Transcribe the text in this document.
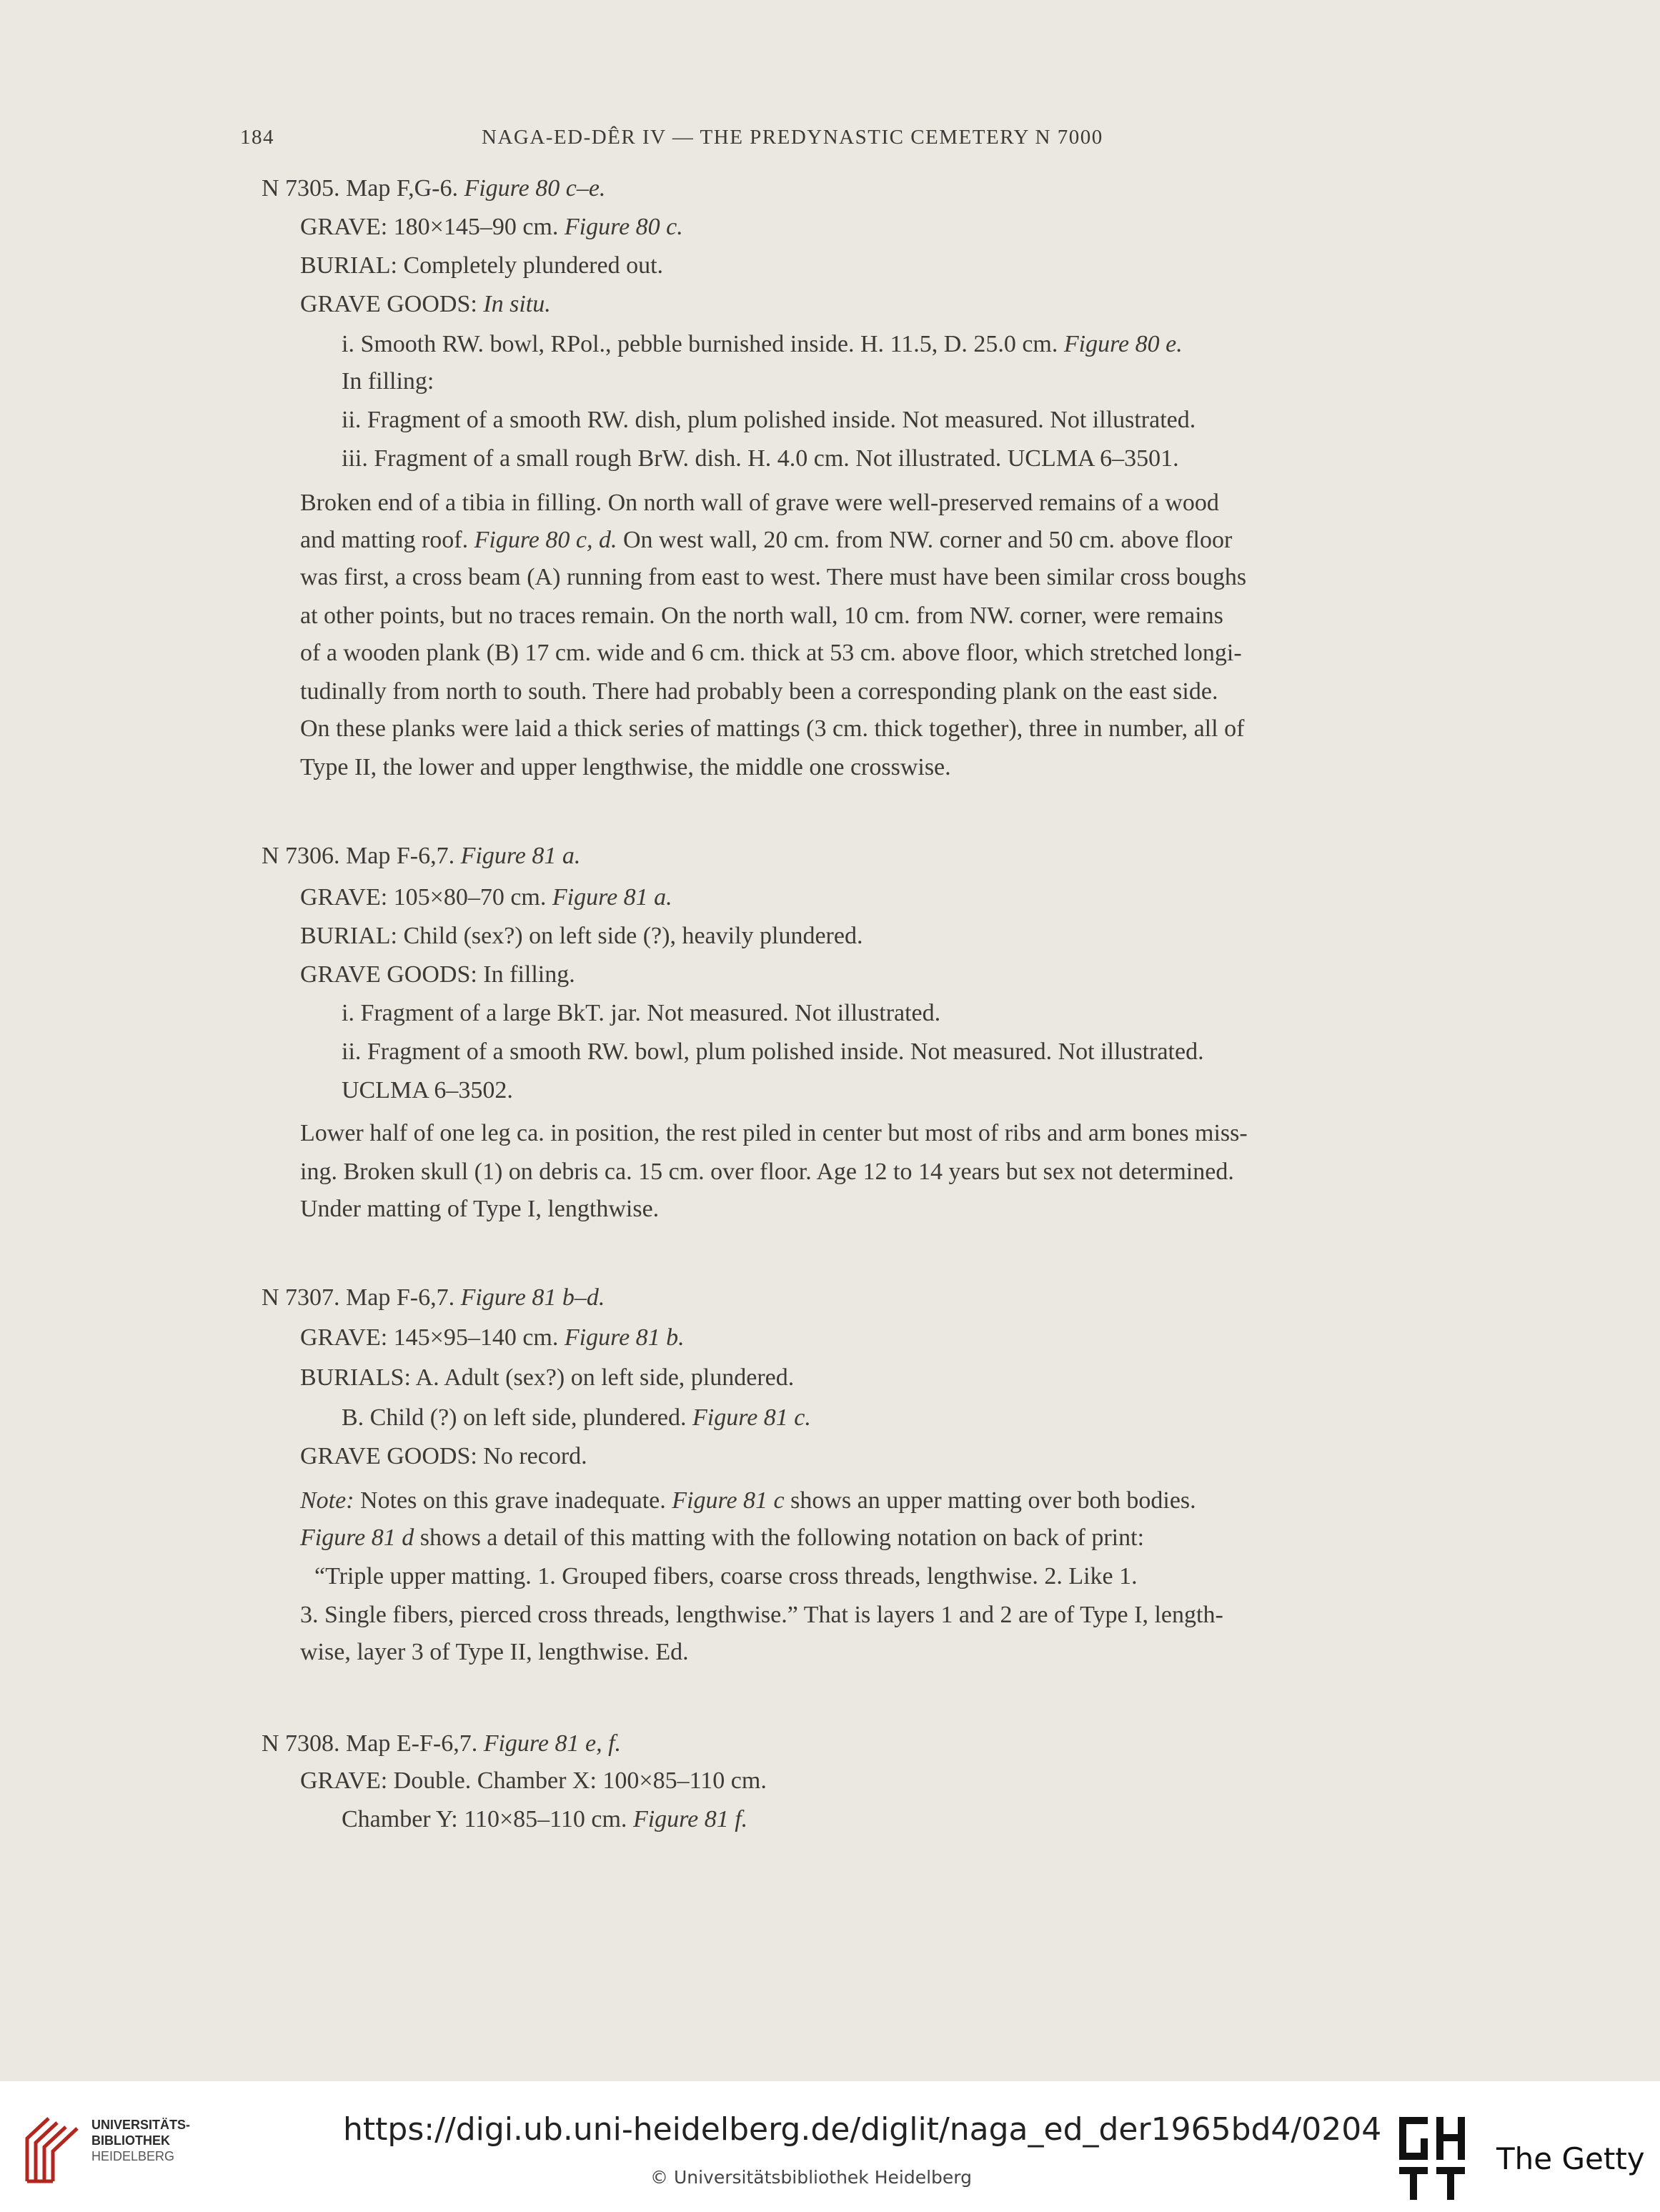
184	NAGA-ED-DÊR IV — THE PREDYNASTIC CEMETERY N 7000
N 7305. Map F,G-6. Figure 80 c–e.
GRAVE: 180×145–90 cm. Figure 80 c.
BURIAL: Completely plundered out.
GRAVE GOODS: In situ.
i. Smooth RW. bowl, RPol., pebble burnished inside. H. 11.5, D. 25.0 cm. Figure 80 e.
In filling:
ii. Fragment of a smooth RW. dish, plum polished inside. Not measured. Not illustrated.
iii. Fragment of a small rough BrW. dish. H. 4.0 cm. Not illustrated. UCLMA 6–3501.
Broken end of a tibia in filling. On north wall of grave were well-preserved remains of a wood
and matting roof. Figure 80 c, d. On west wall, 20 cm. from NW. corner and 50 cm. above floor
was first, a cross beam (A) running from east to west. There must have been similar cross boughs
at other points, but no traces remain. On the north wall, 10 cm. from NW. corner, were remains
of a wooden plank (B) 17 cm. wide and 6 cm. thick at 53 cm. above floor, which stretched longi-
tudinally from north to south. There had probably been a corresponding plank on the east side.
On these planks were laid a thick series of mattings (3 cm. thick together), three in number, all of
Type II, the lower and upper lengthwise, the middle one crosswise.
N 7306. Map F-6,7. Figure 81 a.
GRAVE: 105×80–70 cm. Figure 81 a.
BURIAL: Child (sex?) on left side (?), heavily plundered.
GRAVE GOODS: In filling.
i. Fragment of a large BkT. jar. Not measured. Not illustrated.
ii. Fragment of a smooth RW. bowl, plum polished inside. Not measured. Not illustrated.
UCLMA 6–3502.
Lower half of one leg ca. in position, the rest piled in center but most of ribs and arm bones miss-
ing. Broken skull (1) on debris ca. 15 cm. over floor. Age 12 to 14 years but sex not determined.
Under matting of Type I, lengthwise.
N 7307. Map F-6,7. Figure 81 b–d.
GRAVE: 145×95–140 cm. Figure 81 b.
BURIALS: A. Adult (sex?) on left side, plundered.
B. Child (?) on left side, plundered. Figure 81 c.
GRAVE GOODS: No record.
Note: Notes on this grave inadequate. Figure 81 c shows an upper matting over both bodies.
Figure 81 d shows a detail of this matting with the following notation on back of print:
“Triple upper matting. 1. Grouped fibers, coarse cross threads, lengthwise. 2. Like 1.
3. Single fibers, pierced cross threads, lengthwise.” That is layers 1 and 2 are of Type I, length-
wise, layer 3 of Type II, lengthwise. Ed.
N 7308. Map E-F-6,7. Figure 81 e, f.
GRAVE: Double. Chamber X: 100×85–110 cm.
Chamber Y: 110×85–110 cm. Figure 81 f.
UNIVERSITÄTS-
BIBLIOTHEK
HEIDELBERG
https://digi.ub.uni-heidelberg.de/diglit/naga_ed_der1965bd4/0204
© Universitätsbibliothek Heidelberg
The Getty
